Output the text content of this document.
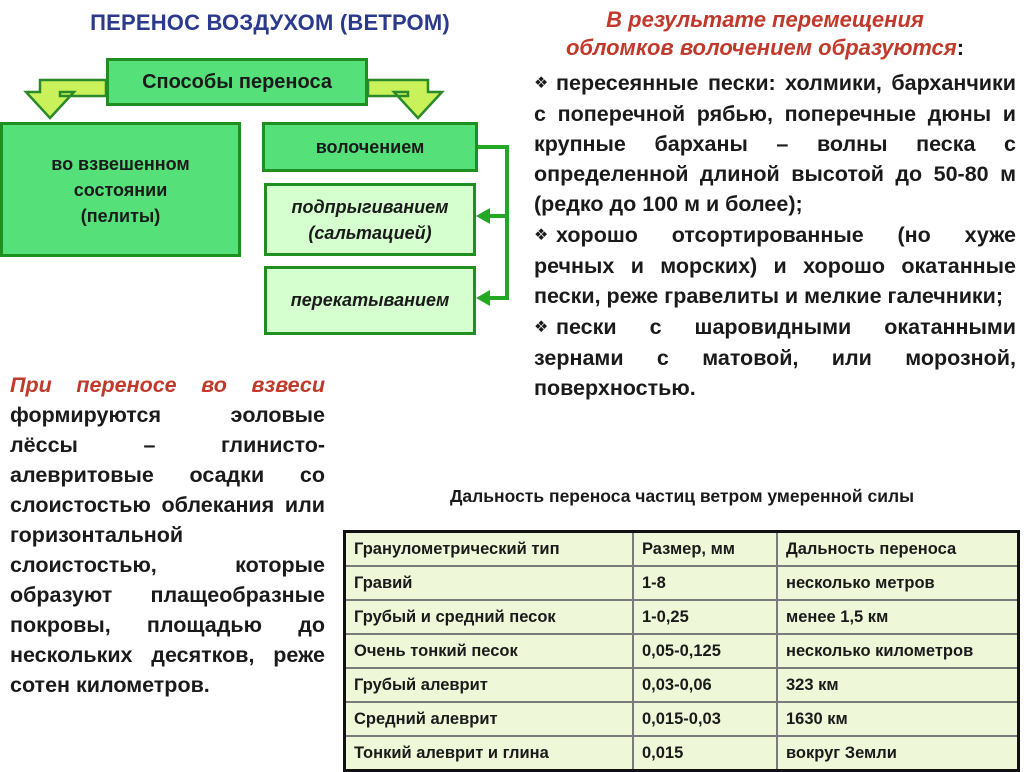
ПЕРЕНОС ВОЗДУХОМ (ВЕТРОМ)
Способы переноса
во взвешенном
состоянии
(пелиты)
волочением
подпрыгиванием
(сальтацией)
перекатыванием
В результате перемещения
обломков волочением образуются:
❖ пересеянные пески: холмики, барханчики с поперечной рябью, поперечные дюны и крупные барханы – волны песка с определенной длиной высотой до 50-80 м (редко до 100 м и более);
❖ хорошо отсортированные (но хуже речных и морских) и хорошо окатанные пески, реже гравелиты и мелкие галечники;
❖ пески с шаровидными окатанными зернами с матовой, или морозной, поверхностью.
При переносе во взвеси формируются эоловые лёссы – глинисто-алевритовые осадки со слоистостью облекания или горизонтальной слоистостью, которые образуют плащеобразные покровы, площадью до нескольких десятков, реже сотен километров.
Дальность переноса частиц ветром умеренной силы
Гранулометрический тип	Размер, мм	Дальность переноса
Гравий	1-8	несколько метров
Грубый и средний песок	1-0,25	менее 1,5 км
Очень тонкий песок	0,05-0,125	несколько километров
Грубый алеврит	0,03-0,06	323 км
Средний алеврит	0,015-0,03	1630 км
Тонкий алеврит и глина	0,015	вокруг Земли
